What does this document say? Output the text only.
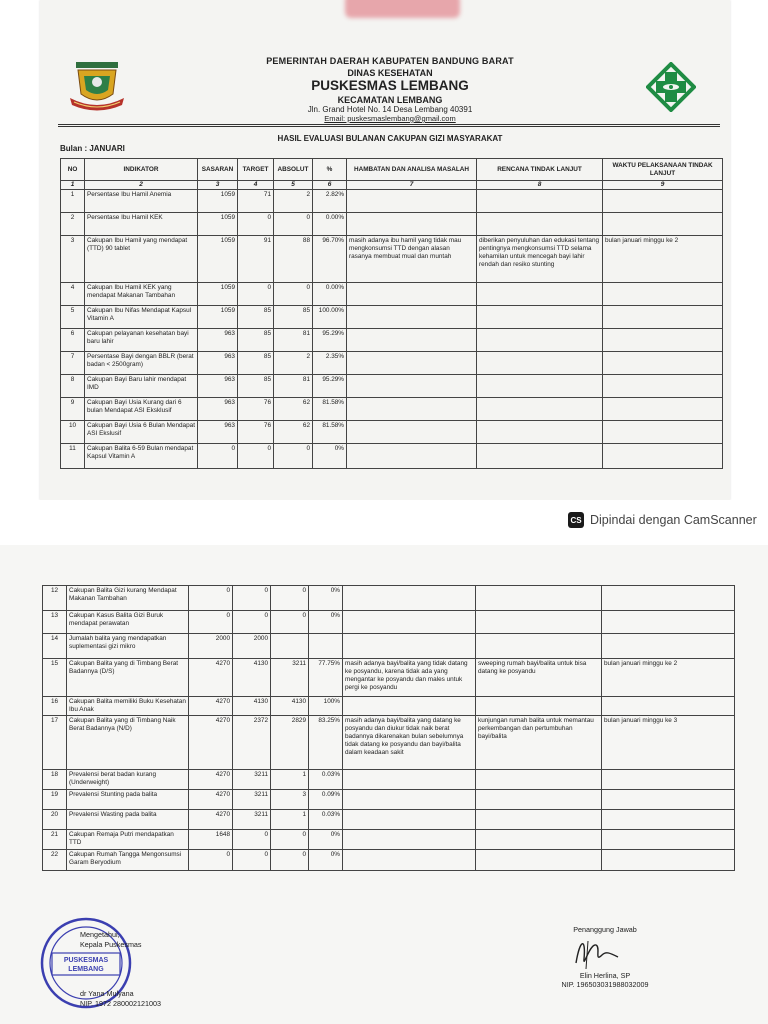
PEMERINTAH DAERAH KABUPATEN BANDUNG BARAT
DINAS KESEHATAN
PUSKESMAS LEMBANG
KECAMATAN LEMBANG
Jln. Grand Hotel No. 14 Desa Lembang 40391
Email: puskesmaslembang@gmail.com
HASIL EVALUASI BULANAN CAKUPAN GIZI MASYARAKAT
Bulan : JANUARI
NO	INDIKATOR	SASARAN	TARGET	ABSOLUT	%	HAMBATAN DAN ANALISA MASALAH	RENCANA TINDAK LANJUT	WAKTU PELAKSANAAN TINDAK LANJUT
1	2	3	4	5	6	7	8	9
1	Persentase Ibu Hamil Anemia	1059	71	2	2.82%			
2	Persentase Ibu Hamil KEK	1059	0	0	0.00%			
3	Cakupan Ibu Hamil yang mendapat (TTD) 90 tablet	1059	91	88	96.70%	masih adanya ibu hamil yang tidak mau mengkonsumsi TTD dengan alasan rasanya membuat mual dan muntah	diberikan penyuluhan dan edukasi tentang pentingnya mengkonsumsi TTD selama kehamilan untuk mencegah bayi lahir rendah dan resiko stunting	bulan januari minggu ke 2
4	Cakupan Ibu Hamil KEK yang mendapat Makanan Tambahan	1059	0	0	0.00%			
5	Cakupan Ibu Nifas Mendapat Kapsul Vitamin A	1059	85	85	100.00%			
6	Cakupan pelayanan kesehatan bayi baru lahir	963	85	81	95.29%			
7	Persentase Bayi dengan BBLR (berat badan < 2500gram)	963	85	2	2.35%			
8	Cakupan Bayi Baru lahir mendapat IMD	963	85	81	95.29%			
9	Cakupan Bayi Usia Kurang dari 6 bulan Mendapat ASI Eksklusif	963	76	62	81.58%			
10	Cakupan Bayi Usia 6 Bulan Mendapat ASI Ekslusif	963	76	62	81.58%			
11	Cakupan Balita 6-59 Bulan mendapat Kapsul Vitamin A	0	0	0	0%			
CS Dipindai dengan CamScanner
12	Cakupan Balita Gizi kurang Mendapat Makanan Tambahan	0	0	0	0%			
13	Cakupan Kasus Balita Gizi Buruk mendapat perawatan	0	0	0	0%			
14	Jumalah balita yang mendapatkan suplementasi gizi mikro	2000	2000					
15	Cakupan Balita yang di Timbang Berat Badannya (D/S)	4270	4130	3211	77.75%	masih adanya bayi/balita yang tidak datang ke posyandu, karena tidak ada yang mengantar ke posyandu dan males untuk pergi ke posyandu	sweeping rumah bayi/balita untuk bisa datang ke posyandu	bulan januari minggu ke 2
16	Cakupan Balita memiliki Buku Kesehatan Ibu Anak	4270	4130	4130	100%			
17	Cakupan Balita yang di Timbang Naik Berat Badannya (N/D)	4270	2372	2829	83.25%	masih adanya bayi/balita yang datang ke posyandu dan diukur tidak naik berat badannya dikarenakan bulan sebelumnya tidak datang ke posyandu dan bayi/balita dalam keadaan sakit	kunjungan rumah balita untuk memantau perkembangan dan pertumbuhan bayi/balita	bulan januari minggu ke 3
18	Prevalensi berat badan kurang (Underweight)	4270	3211	1	0.03%			
19	Prevalensi Stunting pada balita	4270	3211	3	0.09%			
20	Prevalensi Wasting pada balita	4270	3211	1	0.03%			
21	Cakupan Remaja Putri mendapatkan TTD	1648	0	0	0%			
22	Cakupan Rumah Tangga Mengonsumsi Garam Beryodium	0	0	0	0%			
PUSKESMAS
LEMBANG
Mengetahui,
Kepala Puskesmas
dr Yana Mulyana
NIP. 1972 280002121003
Penanggung Jawab
Elin Herlina, SP
NIP. 196503031988032009
